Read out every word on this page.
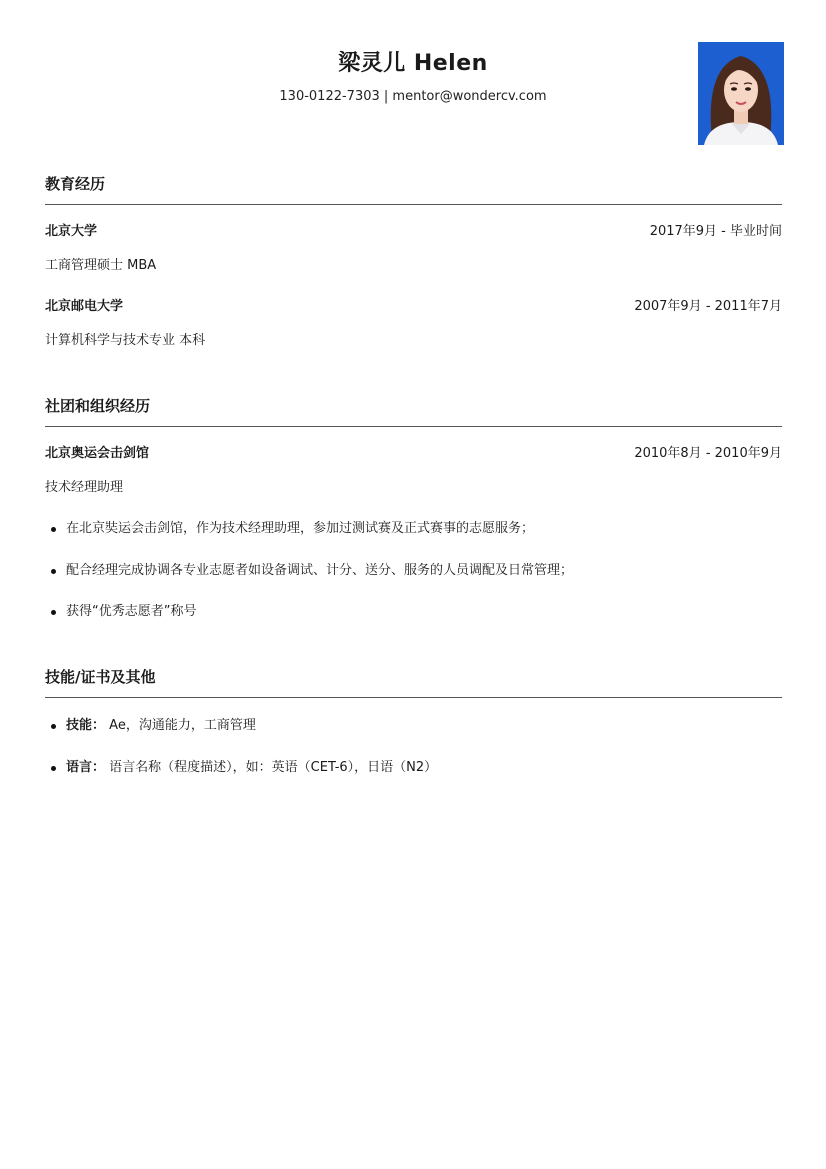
梁灵儿 Helen
130-0122-7303 | mentor@wondercv.com
教育经历
北京大学	2017年9月 - 毕业时间
工商管理硕士 MBA
北京邮电大学	2007年9月 - 2011年7月
计算机科学与技术专业 本科
社团和组织经历
北京奥运会击剑馆	2010年8月 - 2010年9月
技术经理助理
在北京奘运会击剑馆，作为技术经理助理，参加过测试赛及正式赛事的志愿服务；
配合经理完成协调各专业志愿者如设备调试、计分、送分、服务的人员调配及日常管理；
获得“优秀志愿者”称号
技能/证书及其他
技能： Ae，沟通能力，工商管理
语言： 语言名称（程度描述），如：英语（CET-6），日语（N2）
